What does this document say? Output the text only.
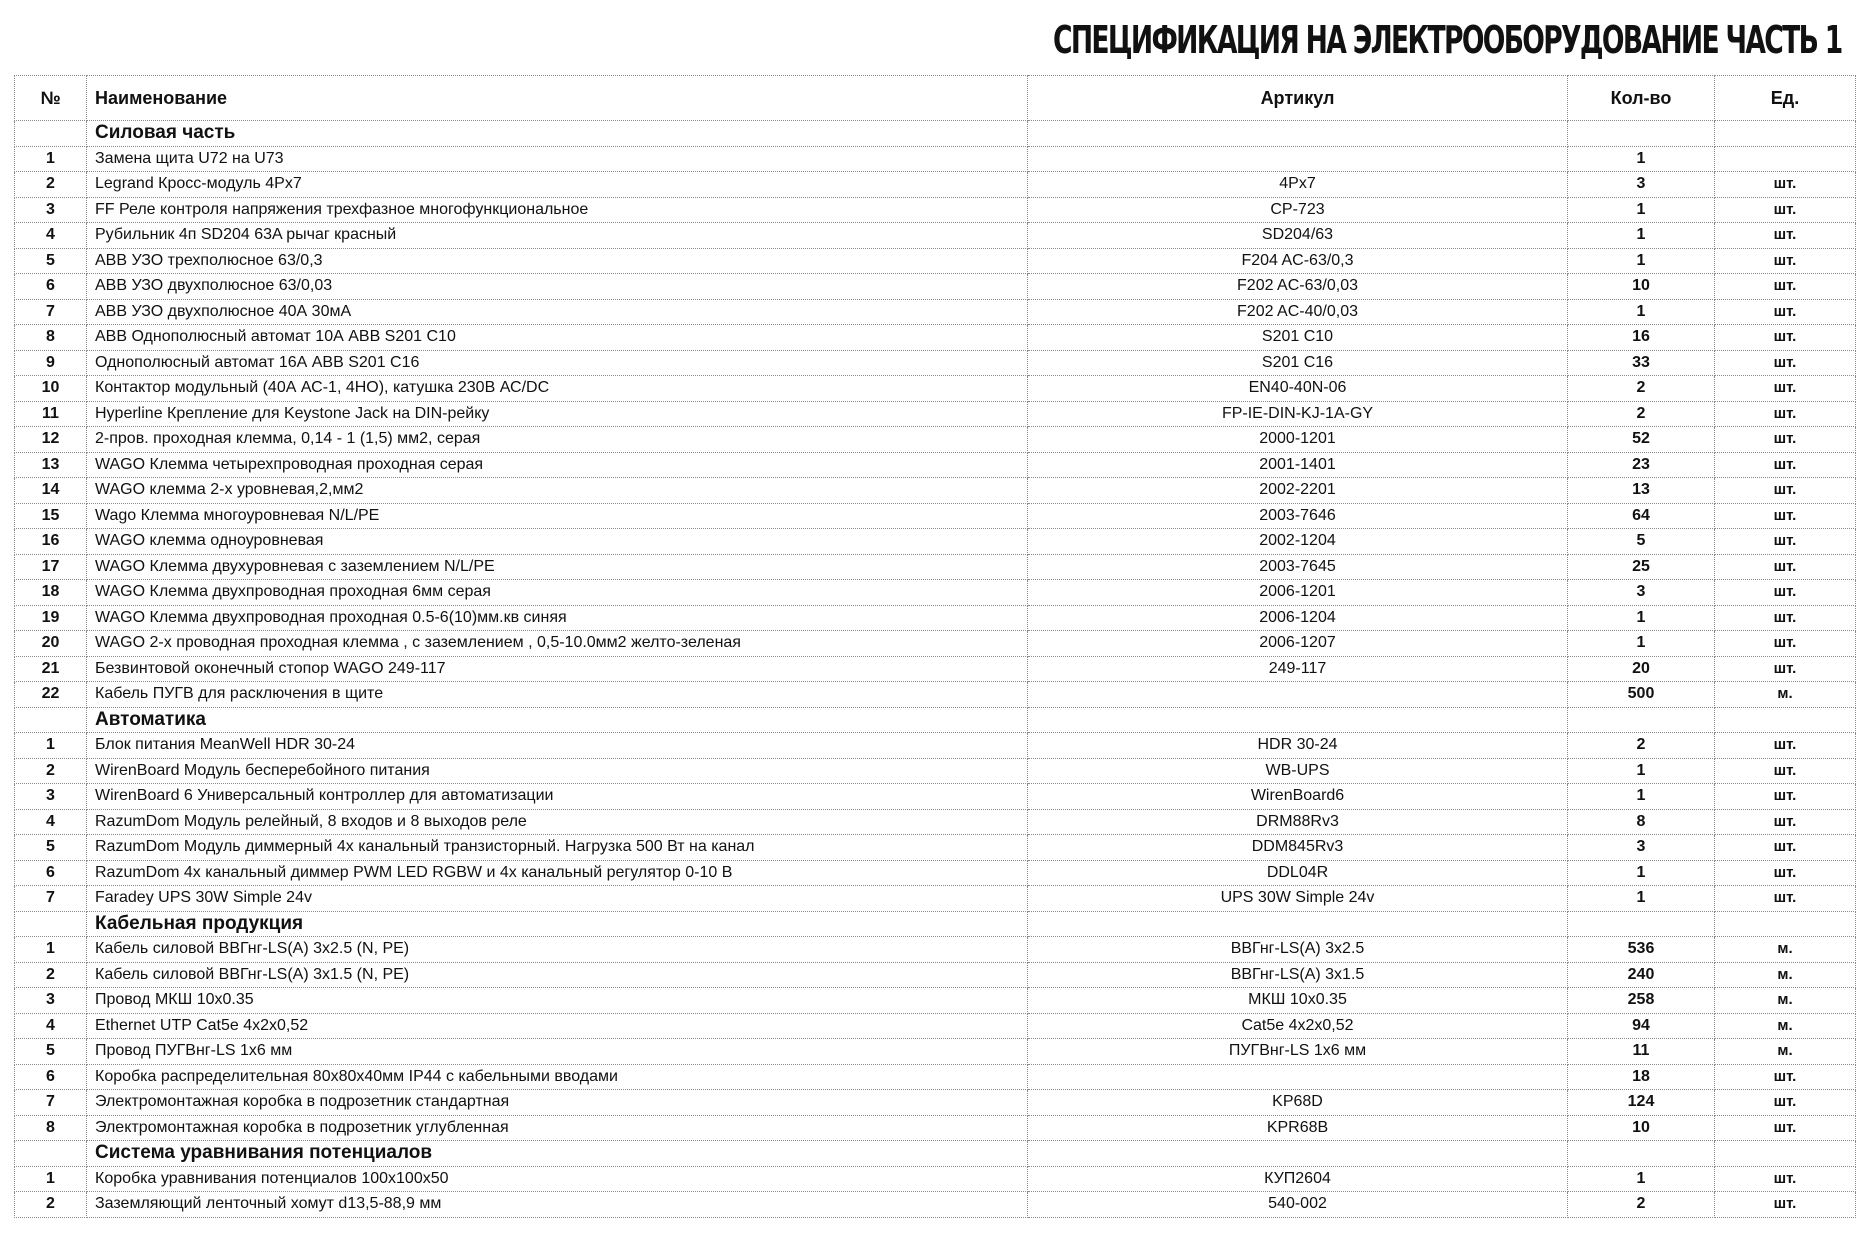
СПЕЦИФИКАЦИЯ НА ЭЛЕКТРООБОРУДОВАНИЕ ЧАСТЬ 1
№	Наименование	Артикул	Кол-во	Ед.
	Силовая часть			
1	Замена щита U72 на U73		1	
2	Legrand Кросс-модуль 4Px7	4Px7	3	шт.
3	FF Реле контроля напряжения трехфазное многофункциональное	CP-723	1	шт.
4	Рубильник 4п SD204 63A рычаг красный	SD204/63	1	шт.
5	ABB УЗО трехполюсное 63/0,3	F204 AC-63/0,3	1	шт.
6	ABB УЗО двухполюсное 63/0,03	F202 AC-63/0,03	10	шт.
7	ABB УЗО двухполюсное 40А 30мА	F202 AC-40/0,03	1	шт.
8	ABB Однополюсный автомат 10А ABB S201 C10	S201 C10	16	шт.
9	Однополюсный автомат 16А ABB S201 C16	S201 C16	33	шт.
10	Контактор модульный (40А АС-1, 4НО), катушка 230В АС/DC	EN40-40N-06	2	шт.
11	Hyperline Крепление для Keystone Jack на DIN-рейку	FP-IE-DIN-KJ-1A-GY	2	шт.
12	2-пров. проходная клемма, 0,14 - 1 (1,5) мм2, серая	2000-1201	52	шт.
13	WAGO Клемма четырехпроводная проходная серая	2001-1401	23	шт.
14	WAGO клемма 2-х уровневая,2,мм2	2002-2201	13	шт.
15	Wago Клемма многоуровневая N/L/PE	2003-7646	64	шт.
16	WAGO клемма одноуровневая	2002-1204	5	шт.
17	WAGO Клемма двухуровневая с заземлением N/L/PE	2003-7645	25	шт.
18	WAGO Клемма двухпроводная проходная 6мм серая	2006-1201	3	шт.
19	WAGO Клемма двухпроводная проходная 0.5-6(10)мм.кв синяя	2006-1204	1	шт.
20	WAGO 2-х проводная проходная клемма , с заземлением , 0,5-10.0мм2 желто-зеленая	2006-1207	1	шт.
21	Безвинтовой оконечный стопор WAGO 249-117	249-117	20	шт.
22	Кабель ПУГВ для расключения в щите		500	м.
	Автоматика			
1	Блок питания MeanWell HDR 30-24	HDR 30-24	2	шт.
2	WirenBoard Модуль бесперебойного питания	WB-UPS	1	шт.
3	WirenBoard 6 Универсальный контроллер для автоматизации	WirenBoard6	1	шт.
4	RazumDom Модуль релейный, 8 входов и 8 выходов реле	DRM88Rv3	8	шт.
5	RazumDom Модуль диммерный 4х канальный транзисторный. Нагрузка 500 Вт на канал	DDM845Rv3	3	шт.
6	RazumDom 4х канальный диммер PWM LED RGBW и 4х канальный регулятор 0-10 В	DDL04R	1	шт.
7	Faradey UPS 30W Simple 24v	UPS 30W Simple 24v	1	шт.
	Кабельная продукция			
1	Кабель силовой ВВГнг-LS(A) 3х2.5 (N, PE)	ВВГнг-LS(A) 3х2.5	536	м.
2	Кабель силовой ВВГнг-LS(A) 3х1.5 (N, PE)	ВВГнг-LS(A) 3х1.5	240	м.
3	Провод МКШ 10х0.35	МКШ 10х0.35	258	м.
4	Ethernet UTP Cat5e 4x2x0,52	Cat5e 4x2x0,52	94	м.
5	Провод ПУГВнг-LS 1х6 мм	ПУГВнг-LS 1х6 мм	11	м.
6	Коробка распределительная 80х80х40мм IP44 с кабельными вводами		18	шт.
7	Электромонтажная коробка в подрозетник стандартная	KP68D	124	шт.
8	Электромонтажная коробка в подрозетник углубленная	KPR68B	10	шт.
	Система уравнивания потенциалов			
1	Коробка уравнивания потенциалов 100х100х50	КУП2604	1	шт.
2	Заземляющий ленточный хомут d13,5-88,9 мм	540-002	2	шт.
